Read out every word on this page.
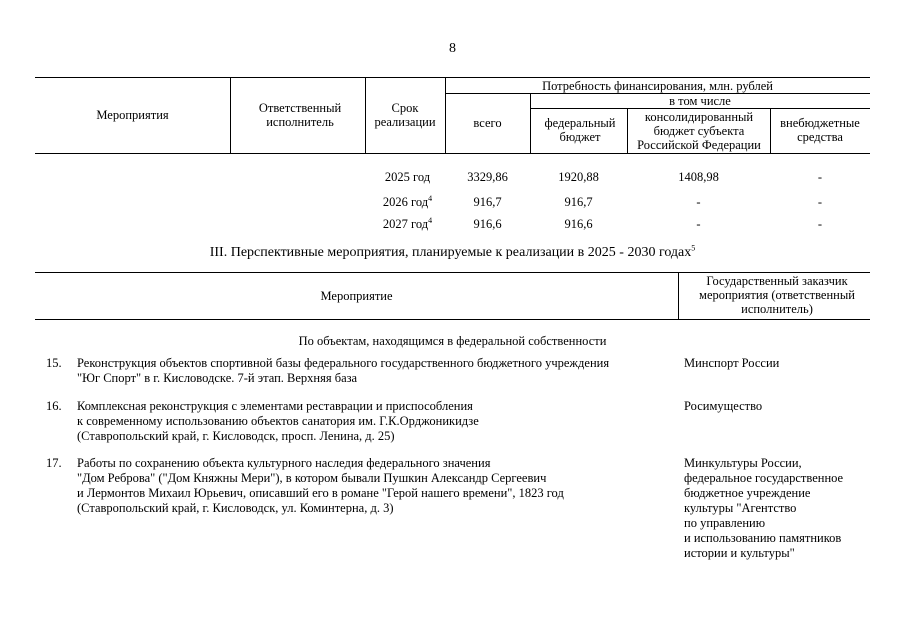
8
Мероприятия	Ответственный исполнитель
Срок реализации
Потребность финансирования, млн. рублей
в том числе
всего	федеральный бюджет
консолидированный бюджет субъекта Российской Федерации
внебюджетные средства
2025 год	3329,86	1920,88	1408,98	-
2026 год$^4$	916,7	916,7	-	-
2027 год$^4$	916,6	916,6	-	-
III. Перспективные мероприятия, планируемые к реализации в 2025 - 2030 годах$^5$
Мероприятие
Государственный заказчик мероприятия (ответственный исполнитель)
По объектам, находящимся в федеральной собственности
15. Реконструкция объектов спортивной базы федерального государственного бюджетного учреждения
"Юг Спорт" в г. Кисловодске. 7-й этап. Верхняя база
Минспорт России
16. Комплексная реконструкция с элементами реставрации и приспособления
к современному использованию объектов санатория им. Г.К.Орджоникидзе
(Ставропольский край, г. Кисловодск, просп. Ленина, д. 25)
Росимущество
17. Работы по сохранению объекта культурного наследия федерального значения
"Дом Реброва" ("Дом Княжны Мери"), в котором бывали Пушкин Александр Сергеевич
и Лермонтов Михаил Юрьевич, описавший его в романе "Герой нашего времени", 1823 год
(Ставропольский край, г. Кисловодск, ул. Коминтерна, д. 3)
Минкультуры России,
федеральное государственное
бюджетное учреждение
культуры "Агентство
по управлению
и использованию памятников
истории и культуры"
